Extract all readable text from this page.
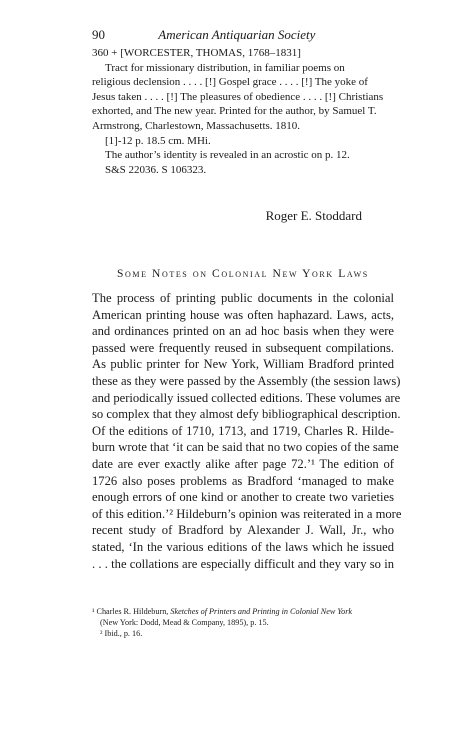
90	American Antiquarian Society
360 + [WORCESTER, THOMAS, 1768–1831]
Tract for missionary distribution, in familiar poems on
religious declension . . . . [!] Gospel grace . . . . [!] The yoke of
Jesus taken . . . . [!] The pleasures of obedience . . . . [!] Christians
exhorted, and The new year. Printed for the author, by Samuel T.
Armstrong, Charlestown, Massachusetts. 1810.
[1]-12 p. 18.5 cm. MHi.
The author’s identity is revealed in an acrostic on p. 12.
S&S 22036. S 106323.
Roger E. Stoddard
Some Notes on Colonial New York Laws
The process of printing public documents in the colonial
American printing house was often haphazard. Laws, acts,
and ordinances printed on an ad hoc basis when they were
passed were frequently reused in subsequent compilations.
As public printer for New York, William Bradford printed
these as they were passed by the Assembly (the session laws)
and periodically issued collected editions. These volumes are
so complex that they almost defy bibliographical description.
Of the editions of 1710, 1713, and 1719, Charles R. Hilde-
burn wrote that ‘it can be said that no two copies of the same
date are ever exactly alike after page 72.’¹ The edition of
1726 also poses problems as Bradford ‘managed to make
enough errors of one kind or another to create two varieties
of this edition.’² Hildeburn’s opinion was reiterated in a more
recent study of Bradford by Alexander J. Wall, Jr., who
stated, ‘In the various editions of the laws which he issued
. . . the collations are especially difficult and they vary so in
¹ Charles R. Hildeburn, Sketches of Printers and Printing in Colonial New York
(New York: Dodd, Mead & Company, 1895), p. 15.
² Ibid., p. 16.
